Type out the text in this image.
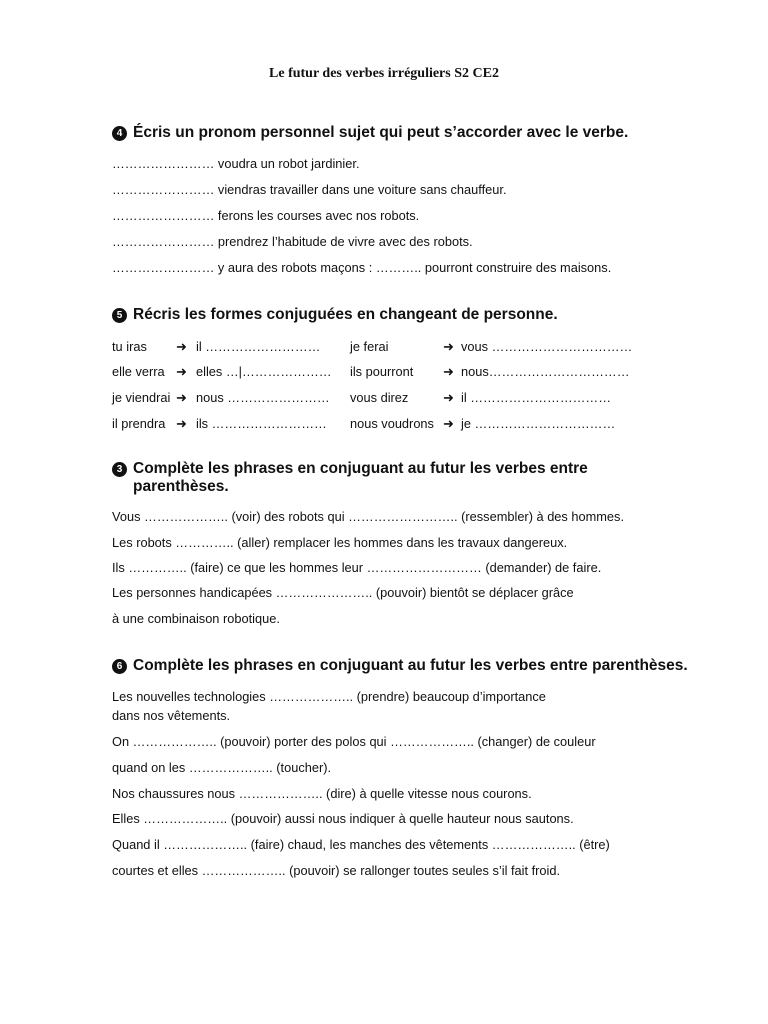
Le futur des verbes irréguliers S2 CE2
4 Écris un pronom personnel sujet qui peut s’accorder avec le verbe.
…………………… voudra un robot jardinier.
…………………… viendras travailler dans une voiture sans chauffeur.
…………………… ferons les courses avec nos robots.
…………………… prendrez l’habitude de vivre avec des robots.
…………………… y aura des robots maçons : ……….. pourront construire des maisons.
5 Récris les formes conjuguées en changeant de personne.
tu iras ➜ il ……………………… je ferai	➜ vous ……………………………
elle verra ➜ elles …|………………… ils pourront ➜ nous……………………………
je viendrai ➜ nous …………………… vous direz	➜ il ……………………………
il prendra ➜ ils ……………………… nous voudrons ➜ je ……………………………
3 Complète les phrases en conjuguant au futur les verbes entre
parenthèses.
Vous ……………….. (voir) des robots qui …………………….. (ressembler) à des hommes.
Les robots ………….. (aller) remplacer les hommes dans les travaux dangereux.
Ils ………….. (faire) ce que les hommes leur ……………………… (demander) de faire.
Les personnes handicapées ………………….. (pouvoir) bientôt se déplacer grâce
à une combinaison robotique.
6 Complète les phrases en conjuguant au futur les verbes entre parenthèses.
Les nouvelles technologies ……………….. (prendre) beaucoup d’importance
dans nos vêtements.
On ……………….. (pouvoir) porter des polos qui ……………….. (changer) de couleur
quand on les ……………….. (toucher).
Nos chaussures nous ……………….. (dire) à quelle vitesse nous courons.
Elles ……………….. (pouvoir) aussi nous indiquer à quelle hauteur nous sautons.
Quand il ……………….. (faire) chaud, les manches des vêtements ……………….. (être)
courtes et elles ……………….. (pouvoir) se rallonger toutes seules s’il fait froid.
